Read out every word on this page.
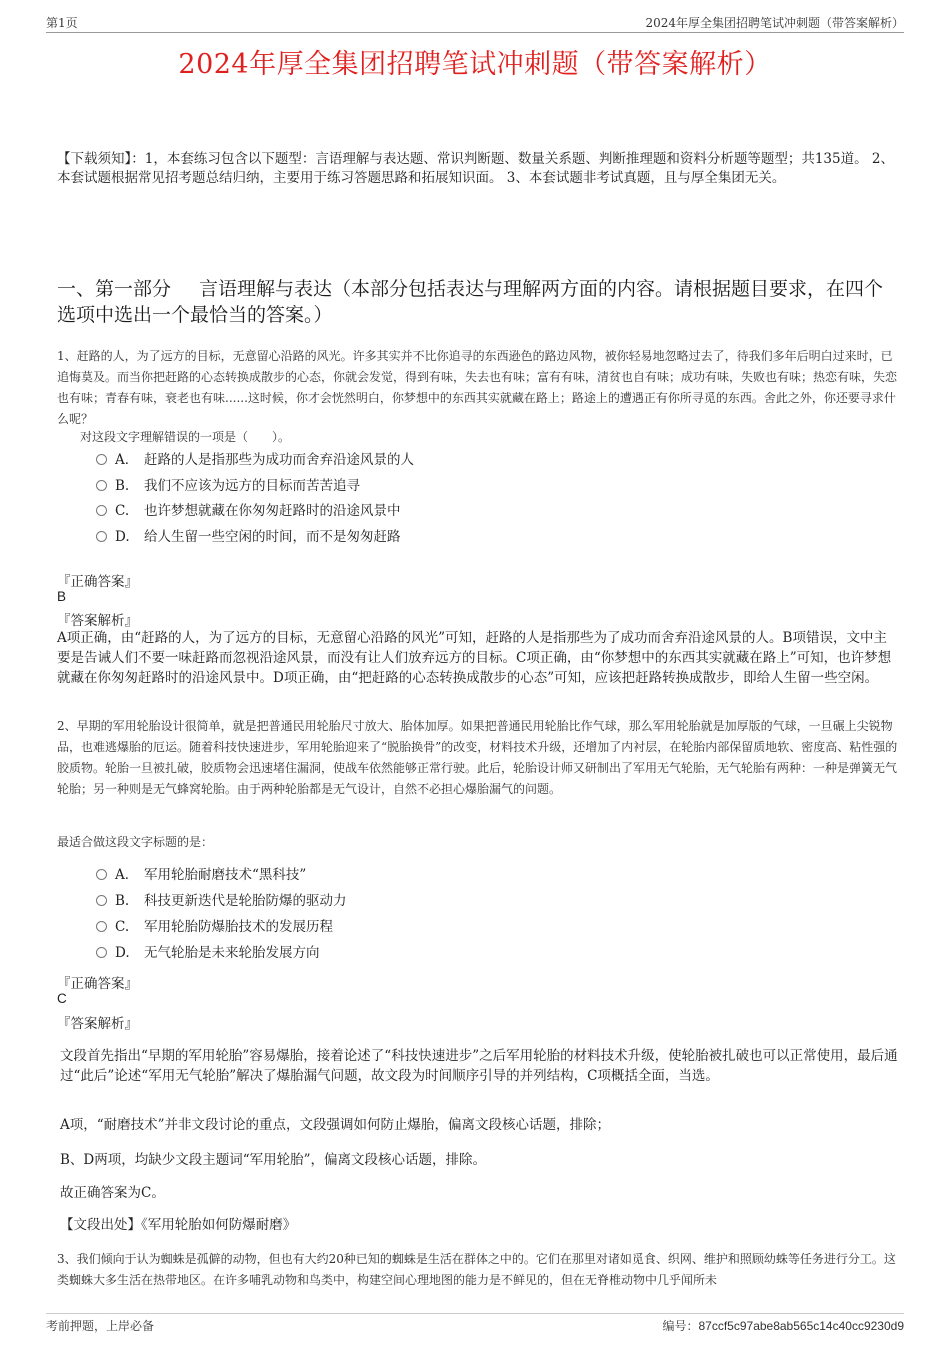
第1页	2024年厚全集团招聘笔试冲刺题（带答案解析）
2024年厚全集团招聘笔试冲刺题（带答案解析）
【下载须知】：1，本套练习包含以下题型：言语理解与表达题、常识判断题、数量关系题、判断推理题和资料分析题等题型；共135道。 2、本套试题根据常见招考题总结归纳，主要用于练习答题思路和拓展知识面。 3、本套试题非考试真题，且与厚全集团无关。
一、第一部分 言语理解与表达（本部分包括表达与理解两方面的内容。请根据题目要求，在四个选项中选出一个最恰当的答案。）
1、赶路的人，为了远方的目标，无意留心沿路的风光。许多其实并不比你追寻的东西逊色的路边风物，被你轻易地忽略过去了，待我们多年后明白过来时，已追悔莫及。而当你把赶路的心态转换成散步的心态，你就会发觉，得到有味，失去也有味；富有有味，清贫也自有味；成功有味，失败也有味；热恋有味，失恋也有味；青春有味，衰老也有味......这时候，你才会恍然明白，你梦想中的东西其实就藏在路上；路途上的遭遇正有你所寻觅的东西。舍此之外，你还要寻求什么呢？
对这段文字理解错误的一项是（　　）。
A． 赶路的人是指那些为成功而舍弃沿途风景的人
B. 我们不应该为远方的目标而苦苦追寻
C. 也许梦想就藏在你匆匆赶路时的沿途风景中
D. 给人生留一些空闲的时间，而不是匆匆赶路
『正确答案』
B
『答案解析』
A项正确，由“赶路的人，为了远方的目标，无意留心沿路的风光”可知，赶路的人是指那些为了成功而舍弃沿途风景的人。B项错误，文中主要是告诫人们不要一味赶路而忽视沿途风景，而没有让人们放弃远方的目标。C项正确，由“你梦想中的东西其实就藏在路上”可知，也许梦想就藏在你匆匆赶路时的沿途风景中。D项正确，由“把赶路的心态转换成散步的心态”可知，应该把赶路转换成散步，即给人生留一些空闲。
2、早期的军用轮胎设计很简单，就是把普通民用轮胎尺寸放大、胎体加厚。如果把普通民用轮胎比作气球，那么军用轮胎就是加厚版的气球，一旦碾上尖锐物品，也难逃爆胎的厄运。随着科技快速进步，军用轮胎迎来了“脱胎换骨”的改变，材料技术升级，还增加了内衬层，在轮胎内部保留质地软、密度高、粘性强的胶质物。轮胎一旦被扎破，胶质物会迅速堵住漏洞，使战车依然能够正常行驶。此后，轮胎设计师又研制出了军用无气轮胎，无气轮胎有两种：一种是弹簧无气轮胎；另一种则是无气蜂窝轮胎。由于两种轮胎都是无气设计，自然不必担心爆胎漏气的问题。
最适合做这段文字标题的是：
A． 军用轮胎耐磨技术“黑科技”
B. 科技更新迭代是轮胎防爆的驱动力
C. 军用轮胎防爆胎技术的发展历程
D. 无气轮胎是未来轮胎发展方向
『正确答案』
C
『答案解析』
文段首先指出“早期的军用轮胎”容易爆胎，接着论述了“科技快速进步”之后军用轮胎的材料技术升级，使轮胎被扎破也可以正常使用，最后通过“此后”论述“军用无气轮胎”解决了爆胎漏气问题，故文段为时间顺序引导的并列结构，C项概括全面，当选。
A项，“耐磨技术”并非文段讨论的重点，文段强调如何防止爆胎，偏离文段核心话题，排除；
B、D两项，均缺少文段主题词“军用轮胎”，偏离文段核心话题，排除。
故正确答案为C。
【文段出处】《军用轮胎如何防爆耐磨》
3、我们倾向于认为蜘蛛是孤僻的动物，但也有大约20种已知的蜘蛛是生活在群体之中的。它们在那里对诸如觅食、织网、维护和照顾幼蛛等任务进行分工。这类蜘蛛大多生活在热带地区。在许多哺乳动物和鸟类中，构建空间心理地图的能力是不鲜见的，但在无脊椎动物中几乎闻所未
考前押题，上岸必备	编号：87ccf5c97abe8ab565c14c40cc9230d9
